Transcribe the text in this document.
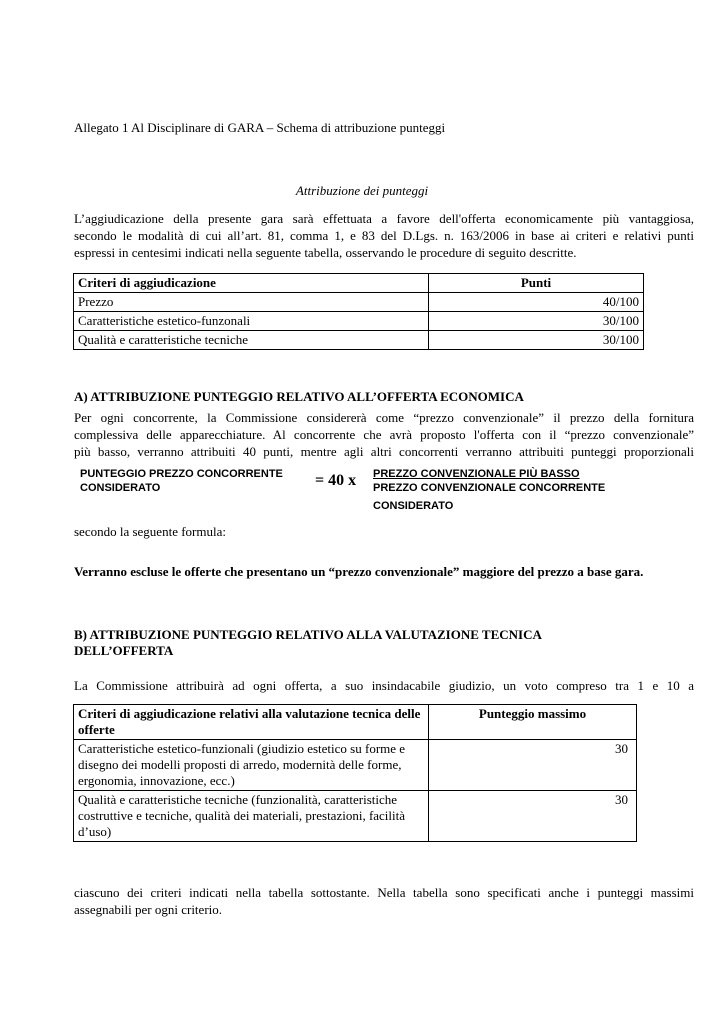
Allegato 1 Al Disciplinare di GARA – Schema di attribuzione punteggi
Attribuzione dei punteggi
L’aggiudicazione della presente gara sarà effettuata a favore dell'offerta economicamente più vantaggiosa,
secondo le modalità di cui all’art. 81, comma 1, e 83 del D.Lgs. n. 163/2006 in base ai criteri e relativi punti
espressi in centesimi indicati nella seguente tabella, osservando le procedure di seguito descritte.
Criteri di aggiudicazione	Punti
Prezzo	40/100
Caratteristiche estetico-funzonali	30/100
Qualità e caratteristiche tecniche	30/100
A) ATTRIBUZIONE PUNTEGGIO RELATIVO ALL’OFFERTA ECONOMICA
Per ogni concorrente, la Commissione considererà come “prezzo convenzionale” il prezzo della fornitura
complessiva delle apparecchiature. Al concorrente che avrà proposto l'offerta con il “prezzo convenzionale”
più basso, verranno attribuiti 40 punti, mentre agli altri concorrenti verranno attribuiti punteggi proporzionali
PUNTEGGIO PREZZO CONCORRENTE
CONSIDERATO	= 40 x PREZZO CONVENZIONALE PIÙ BASSO
PREZZO CONVENZIONALE CONCORRENTE
CONSIDERATO
secondo la seguente formula:
Verranno escluse le offerte che presentano un “prezzo convenzionale” maggiore del prezzo a base gara.
B) ATTRIBUZIONE PUNTEGGIO RELATIVO ALLA VALUTAZIONE TECNICA
DELL’OFFERTA
La Commissione attribuirà ad ogni offerta, a suo insindacabile giudizio, un voto compreso tra 1 e 10 a
Criteri di aggiudicazione relativi alla valutazione tecnica delle offerte	Punteggio massimo
Caratteristiche estetico-funzionali (giudizio estetico su forme e disegno dei modelli proposti di arredo, modernità delle forme, ergonomia, innovazione, ecc.)	30
Qualità e caratteristiche tecniche (funzionalità, caratteristiche costruttive e tecniche, qualità dei materiali, prestazioni, facilità d’uso)	30
ciascuno dei criteri indicati nella tabella sottostante. Nella tabella sono specificati anche i punteggi massimi
assegnabili per ogni criterio.
